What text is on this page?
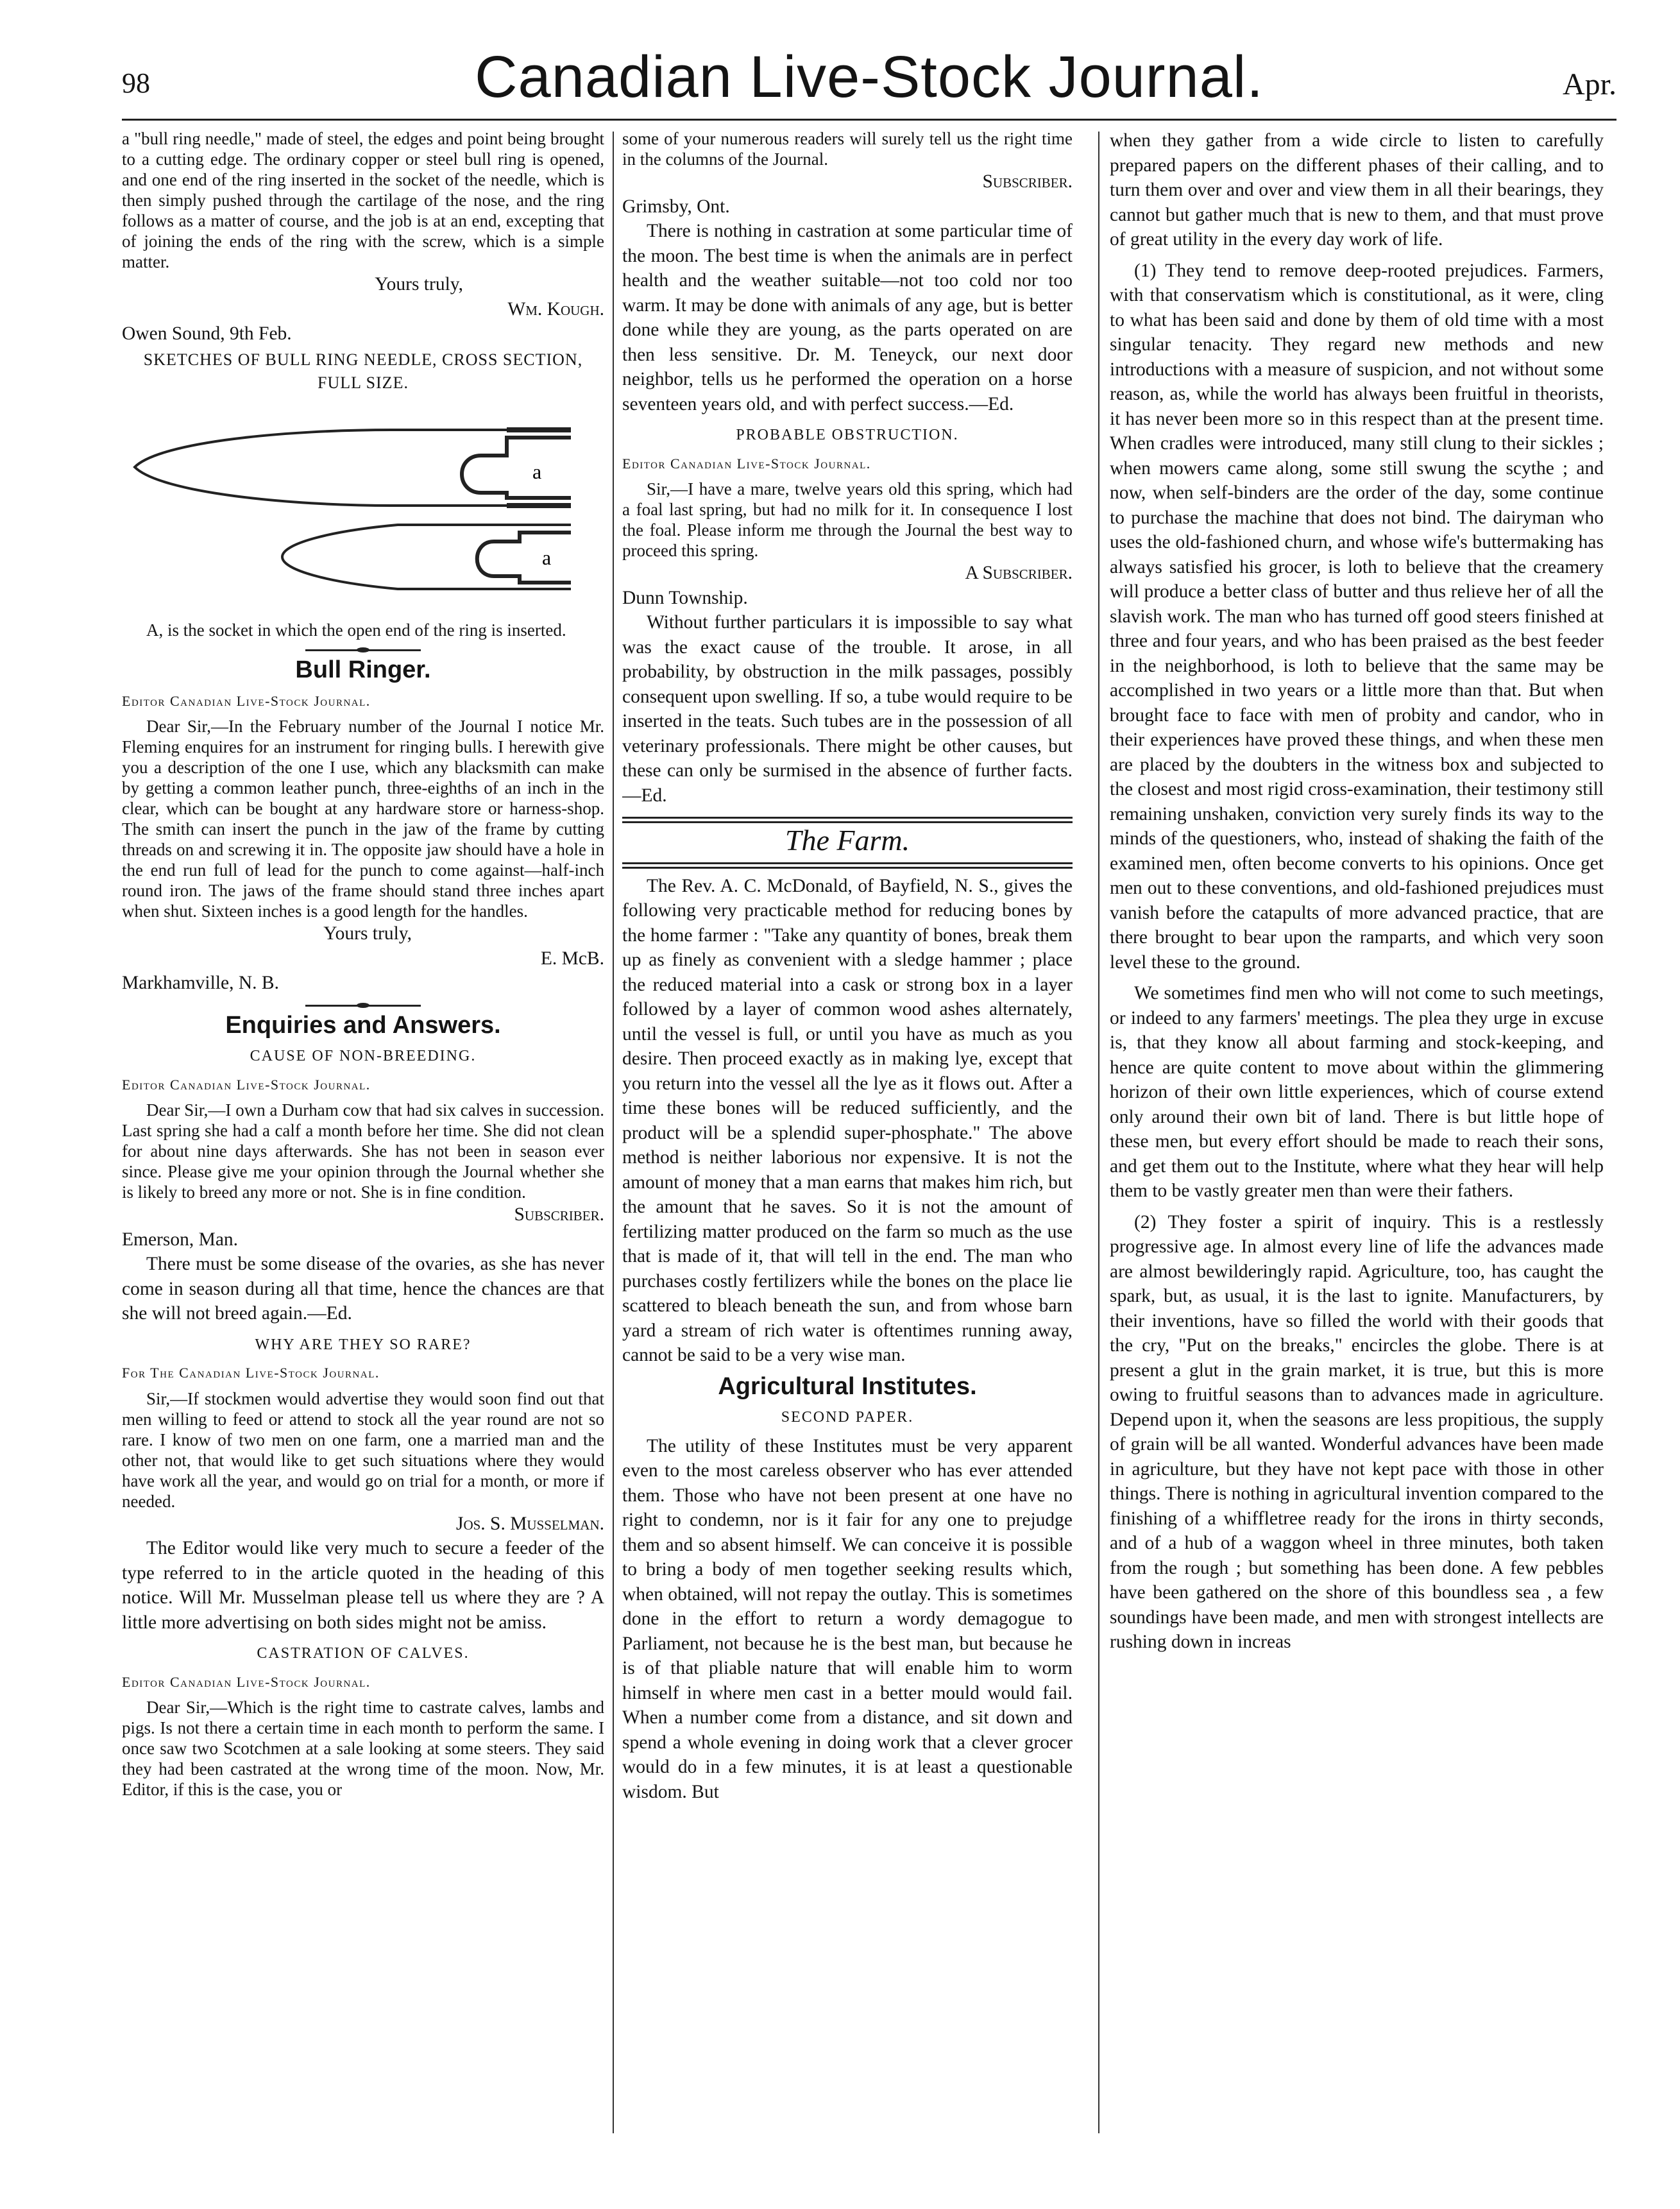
98	Canadian Live-Stock Journal.	Apr.

a "bull ring needle," made of steel, the edges and point being brought to a cutting edge. The ordinary copper or steel bull ring is opened, and one end of the ring inserted in the socket of the needle, which is then simply pushed through the cartilage of the nose, and the ring follows as a matter of course, and the job is at an end, excepting that of joining the ends of the ring with the screw, which is a simple matter.

Yours truly,

Wm. Kough.

Owen Sound, 9th Feb.

SKETCHES OF BULL RING NEEDLE, CROSS SECTION,
FULL SIZE.
a
a

A, is the socket in which the open end of the ring is inserted.

Bull Ringer.
Editor Canadian Live-Stock Journal.

Dear Sir,—In the February number of the Journal I notice Mr. Fleming enquires for an instrument for ringing bulls. I herewith give you a description of the one I use, which any blacksmith can make by getting a common leather punch, three-eighths of an inch in the clear, which can be bought at any hardware store or harness-shop. The smith can insert the punch in the jaw of the frame by cutting threads on and screwing it in. The opposite jaw should have a hole in the end run full of lead for the punch to come against—half-inch round iron. The jaws of the frame should stand three inches apart when shut. Sixteen inches is a good length for the handles.

Yours truly,

E. McB.

Markhamville, N. B.

Enquiries and Answers.
CAUSE OF NON-BREEDING.
Editor Canadian Live-Stock Journal.

Dear Sir,—I own a Durham cow that had six calves in succession. Last spring she had a calf a month before her time. She did not clean for about nine days afterwards. She has not been in season ever since. Please give me your opinion through the Journal whether she is likely to breed any more or not. She is in fine condition.

Subscriber.

Emerson, Man.

There must be some disease of the ovaries, as she has never come in season during all that time, hence the chances are that she will not breed again.—Ed.

WHY ARE THEY SO RARE?
For The Canadian Live-Stock Journal.

Sir,—If stockmen would advertise they would soon find out that men willing to feed or attend to stock all the year round are not so rare. I know of two men on one farm, one a married man and the other not, that would like to get such situations where they would have work all the year, and would go on trial for a month, or more if needed.

Jos. S. Musselman.

The Editor would like very much to secure a feeder of the type referred to in the article quoted in the heading of this notice. Will Mr. Musselman please tell us where they are ? A little more advertising on both sides might not be amiss.

CASTRATION OF CALVES.
Editor Canadian Live-Stock Journal.

Dear Sir,—Which is the right time to castrate calves, lambs and pigs. Is not there a certain time in each month to perform the same. I once saw two Scotchmen at a sale looking at some steers. They said they had been castrated at the wrong time of the moon. Now, Mr. Editor, if this is the case, you or

some of your numerous readers will surely tell us the right time in the columns of the Journal.

Subscriber.

Grimsby, Ont.

There is nothing in castration at some particular time of the moon. The best time is when the animals are in perfect health and the weather suitable—not too cold nor too warm. It may be done with animals of any age, but is better done while they are young, as the parts operated on are then less sensitive. Dr. M. Teneyck, our next door neighbor, tells us he performed the operation on a horse seventeen years old, and with perfect success.—Ed.

PROBABLE OBSTRUCTION.
Editor Canadian Live-Stock Journal.

Sir,—I have a mare, twelve years old this spring, which had a foal last spring, but had no milk for it. In consequence I lost the foal. Please inform me through the Journal the best way to proceed this spring.

A Subscriber.

Dunn Township.

Without further particulars it is impossible to say what was the exact cause of the trouble. It arose, in all probability, by obstruction in the milk passages, possibly consequent upon swelling. If so, a tube would require to be inserted in the teats. Such tubes are in the possession of all veterinary professionals. There might be other causes, but these can only be surmised in the absence of further facts.—Ed.

The Farm.

The Rev. A. C. McDonald, of Bayfield, N. S., gives the following very practicable method for reducing bones by the home farmer : "Take any quantity of bones, break them up as finely as convenient with a sledge hammer ; place the reduced material into a cask or strong box in a layer followed by a layer of common wood ashes alternately, until the vessel is full, or until you have as much as you desire. Then proceed exactly as in making lye, except that you return into the vessel all the lye as it flows out. After a time these bones will be reduced sufficiently, and the product will be a splendid super-phosphate." The above method is neither laborious nor expensive. It is not the amount of money that a man earns that makes him rich, but the amount that he saves. So it is not the amount of fertilizing matter produced on the farm so much as the use that is made of it, that will tell in the end. The man who purchases costly fertilizers while the bones on the place lie scattered to bleach beneath the sun, and from whose barn yard a stream of rich water is oftentimes running away, cannot be said to be a very wise man.

Agricultural Institutes.
SECOND PAPER.

The utility of these Institutes must be very apparent even to the most careless observer who has ever attended them. Those who have not been present at one have no right to condemn, nor is it fair for any one to prejudge them and so absent himself. We can conceive it is possible to bring a body of men together seeking results which, when obtained, will not repay the outlay. This is sometimes done in the effort to return a wordy demagogue to Parliament, not because he is the best man, but because he is of that pliable nature that will enable him to worm himself in where men cast in a better mould would fail. When a number come from a distance, and sit down and spend a whole evening in doing work that a clever grocer would do in a few minutes, it is at least a questionable wisdom. But

when they gather from a wide circle to listen to carefully prepared papers on the different phases of their calling, and to turn them over and over and view them in all their bearings, they cannot but gather much that is new to them, and that must prove of great utility in the every day work of life.

(1) They tend to remove deep-rooted prejudices. Farmers, with that conservatism which is constitutional, as it were, cling to what has been said and done by them of old time with a most singular tenacity. They regard new methods and new introductions with a measure of suspicion, and not without some reason, as, while the world has always been fruitful in theorists, it has never been more so in this respect than at the present time. When cradles were introduced, many still clung to their sickles ; when mowers came along, some still swung the scythe ; and now, when self-binders are the order of the day, some continue to purchase the machine that does not bind. The dairyman who uses the old-fashioned churn, and whose wife's buttermaking has always satisfied his grocer, is loth to believe that the creamery will produce a better class of butter and thus relieve her of all the slavish work. The man who has turned off good steers finished at three and four years, and who has been praised as the best feeder in the neighborhood, is loth to believe that the same may be accomplished in two years or a little more than that. But when brought face to face with men of probity and candor, who in their experiences have proved these things, and when these men are placed by the doubters in the witness box and subjected to the closest and most rigid cross-examination, their testimony still remaining unshaken, conviction very surely finds its way to the minds of the questioners, who, instead of shaking the faith of the examined men, often become converts to his opinions. Once get men out to these conventions, and old-fashioned prejudices must vanish before the catapults of more advanced practice, that are there brought to bear upon the ramparts, and which very soon level these to the ground.

We sometimes find men who will not come to such meetings, or indeed to any farmers' meetings. The plea they urge in excuse is, that they know all about farming and stock-keeping, and hence are quite content to move about within the glimmering horizon of their own little experiences, which of course extend only around their own bit of land. There is but little hope of these men, but every effort should be made to reach their sons, and get them out to the Institute, where what they hear will help them to be vastly greater men than were their fathers.

(2) They foster a spirit of inquiry. This is a restlessly progressive age. In almost every line of life the advances made are almost bewilderingly rapid. Agriculture, too, has caught the spark, but, as usual, it is the last to ignite. Manufacturers, by their inventions, have so filled the world with their goods that the cry, "Put on the breaks," encircles the globe. There is at present a glut in the grain market, it is true, but this is more owing to fruitful seasons than to advances made in agriculture. Depend upon it, when the seasons are less propitious, the supply of grain will be all wanted. Wonderful advances have been made in agriculture, but they have not kept pace with those in other things. There is nothing in agricultural invention compared to the finishing of a whiffletree ready for the irons in thirty seconds, and of a hub of a waggon wheel in three minutes, both taken from the rough ; but something has been done. A few pebbles have been gathered on the shore of this boundless sea , a few soundings have been made, and men with strongest intellects are rushing down in increas
